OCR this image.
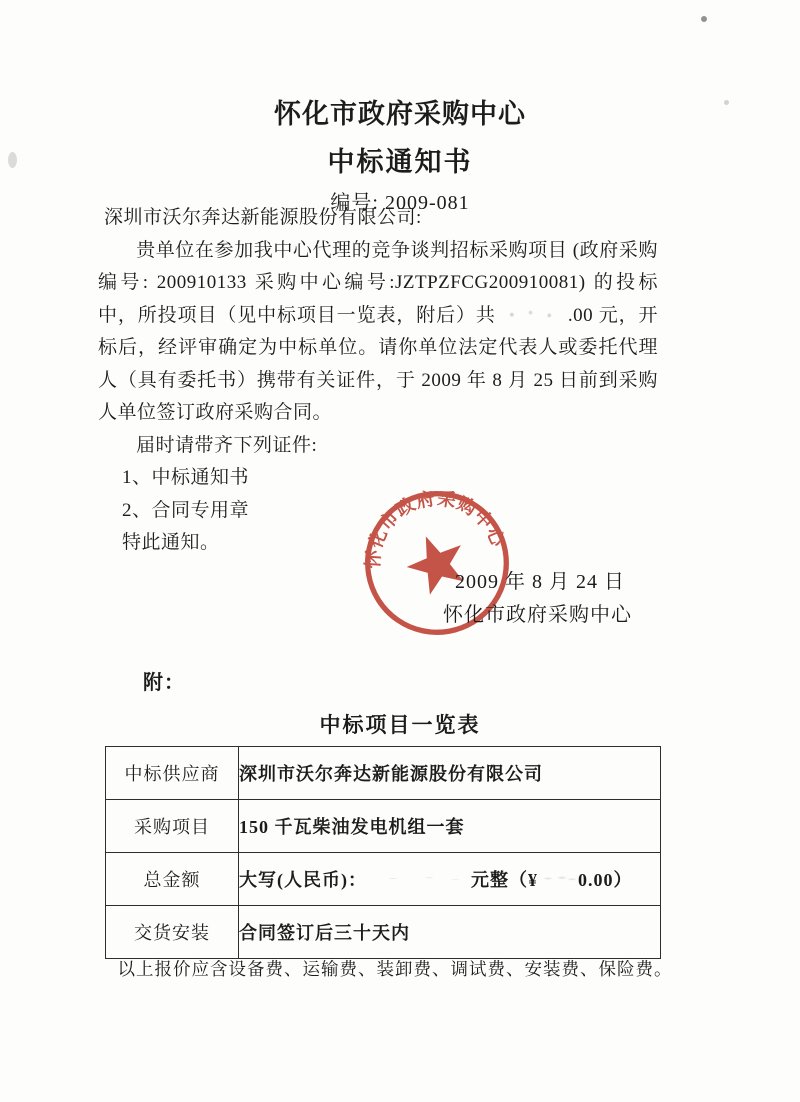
怀化市政府采购中心
中标通知书
编号: 2009-081
深圳市沃尔奔达新能源股份有限公司:

贵单位在参加我中心代理的竞争谈判招标采购项目 (政府采购编号: 200910133 采购中心编号:JZTPZFCG200910081) 的投标中，所投项目（见中标项目一览表，附后）共	.00 元，开标后，经评审确定为中标单位。请你单位法定代表人或委托代理人（具有委托书）携带有关证件，于 2009 年 8 月 25 日前到采购人单位签订政府采购合同。

届时请带齐下列证件:

1、中标通知书

2、合同专用章

特此通知。

怀化市政府采购中心
2009 年 8 月 24 日
怀化市政府采购中心
附：
中标项目一览表
中标供应商	深圳市沃尔奔达新能源股份有限公司
采购项目	150 千瓦柴油发电机组一套
总金额	大写(人民币)： 元整（¥ 0.00）
交货安装	合同签订后三十天内
以上报价应含设备费、运输费、装卸费、调试费、安装费、保险费。
